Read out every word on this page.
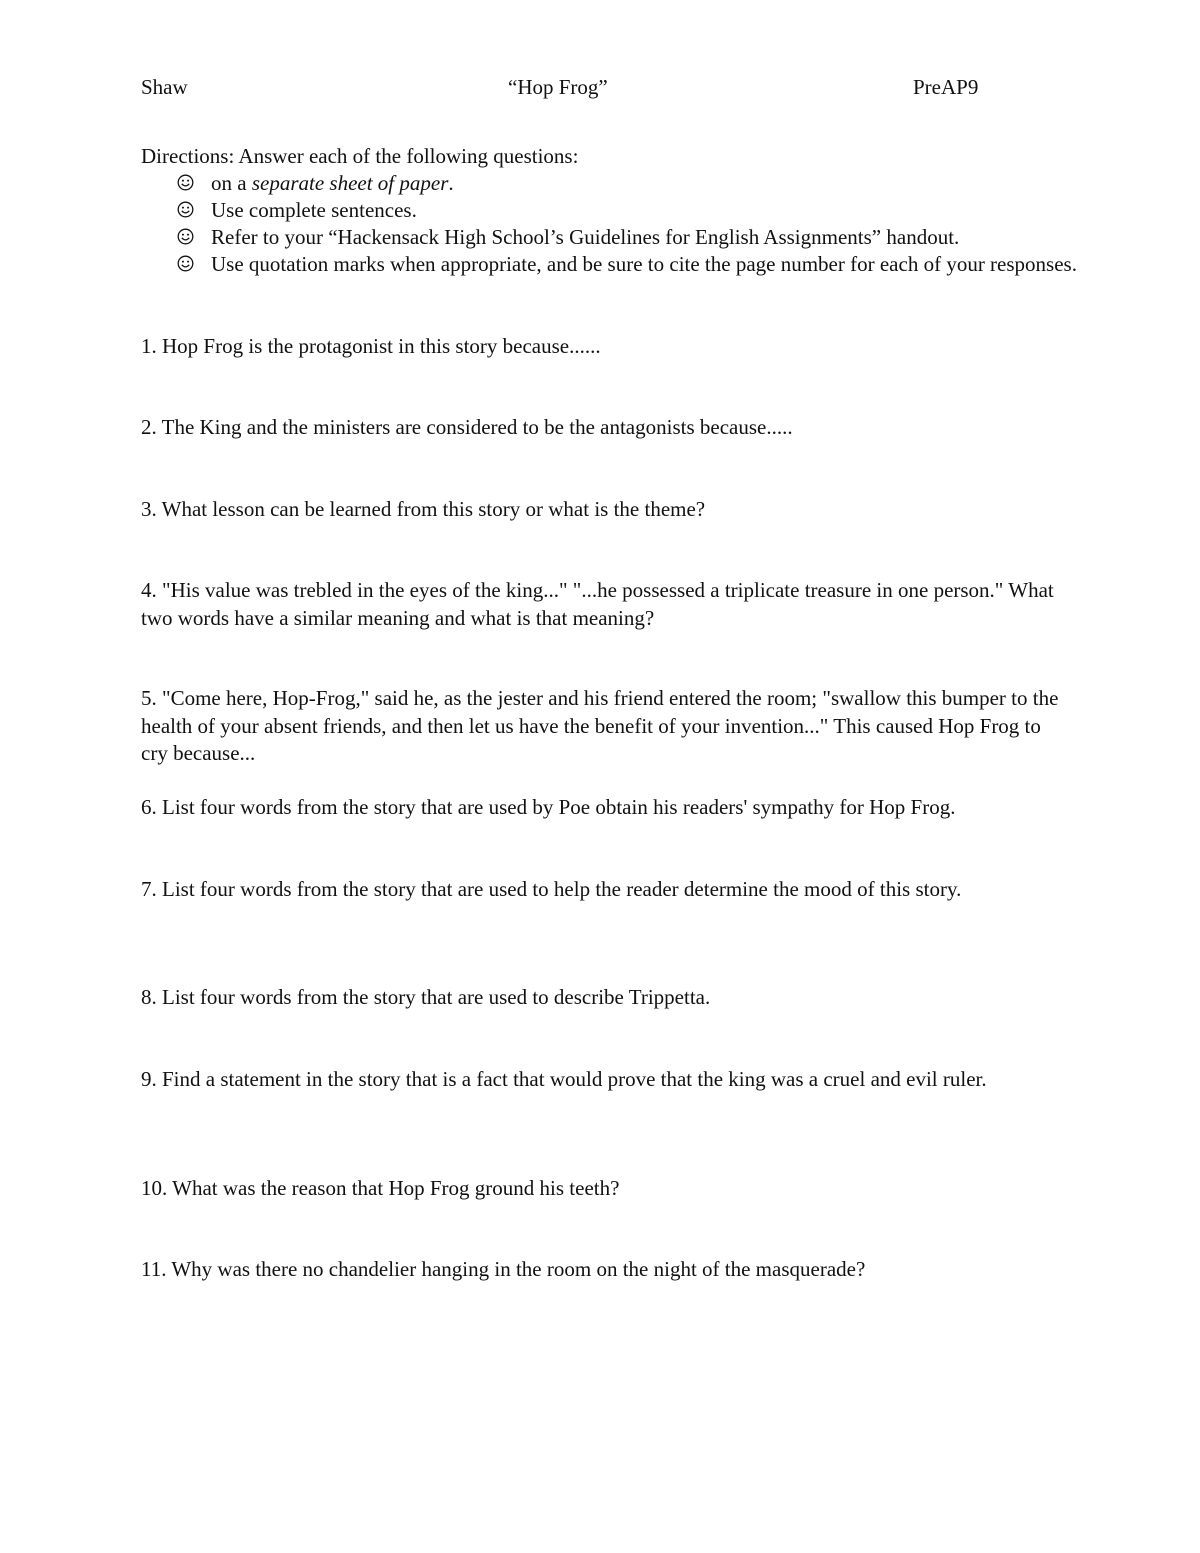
Shaw	“Hop Frog”	PreAP9
Directions: Answer each of the following questions:
on a separate sheet of paper.
Use complete sentences.
Refer to your “Hackensack High School’s Guidelines for English Assignments” handout.
Use quotation marks when appropriate, and be sure to cite the page number for each of your responses.

1. Hop Frog is the protagonist in this story because......

2. The King and the ministers are considered to be the antagonists because.....

3. What lesson can be learned from this story or what is the theme?

4. "His value was trebled in the eyes of the king..." "...he possessed a triplicate treasure in one person." What two words have a similar meaning and what is that meaning?

5. "Come here, Hop-Frog," said he, as the jester and his friend entered the room; "swallow this bumper to the health of your absent friends, and then let us have the benefit of your invention..." This caused Hop Frog to cry because...

6. List four words from the story that are used by Poe obtain his readers' sympathy for Hop Frog.

7. List four words from the story that are used to help the reader determine the mood of this story.

8. List four words from the story that are used to describe Trippetta.

9. Find a statement in the story that is a fact that would prove that the king was a cruel and evil ruler.

10. What was the reason that Hop Frog ground his teeth?

11. Why was there no chandelier hanging in the room on the night of the masquerade?
